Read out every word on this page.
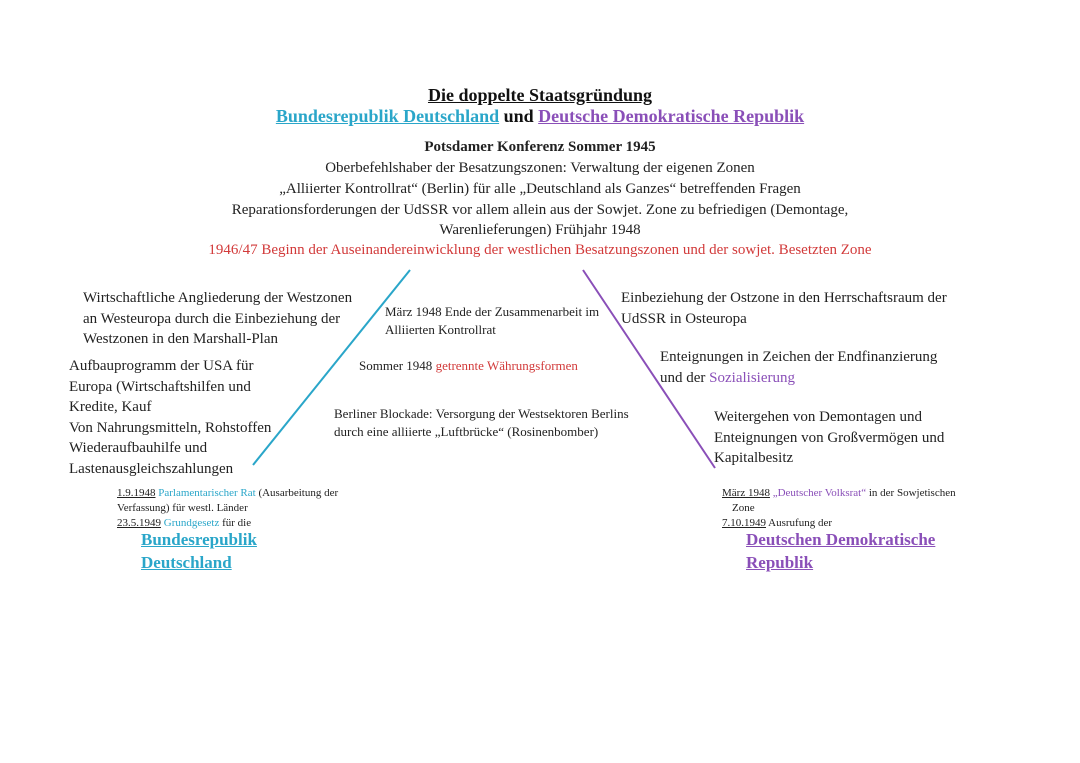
Die doppelte Staatsgründung
Bundesrepublik Deutschland und Deutsche Demokratische Republik
Potsdamer Konferenz Sommer 1945
Oberbefehlshaber der Besatzungszonen: Verwaltung der eigenen Zonen
„Alliierter Kontrollrat“ (Berlin) für alle „Deutschland als Ganzes“ betreffenden Fragen
Reparationsforderungen der UdSSR vor allem allein aus der Sowjet. Zone zu befriedigen (Demontage,
Warenlieferungen) Frühjahr 1948
1946/47 Beginn der Auseinandereinwicklung der westlichen Besatzungszonen und der sowjet. Besetzten Zone
Wirtschaftliche Angliederung der Westzonen
an Westeuropa durch die Einbeziehung der
Westzonen in den Marshall-Plan
Aufbauprogramm der USA für
Europa (Wirtschaftshilfen und
Kredite, Kauf
Von Nahrungsmitteln, Rohstoffen
Wiederaufbauhilfe und
Lastenausgleichszahlungen
1.9.1948 Parlamentarischer Rat (Ausarbeitung der
Verfassung) für westl. Länder
23.5.1949 Grundgesetz für die
Bundesrepublik
Deutschland
März 1948 Ende der Zusammenarbeit im
Alliierten Kontrollrat
Sommer 1948 getrennte Währungsformen
Berliner Blockade: Versorgung der Westsektoren Berlins
durch eine alliierte „Luftbrücke“ (Rosinenbomber)
Einbeziehung der Ostzone in den Herrschaftsraum der
UdSSR in Osteuropa
Enteignungen in Zeichen der Endfinanzierung
und der Sozialisierung
Weitergehen von Demontagen und
Enteignungen von Großvermögen und
Kapitalbesitz
März 1948 „Deutscher Volksrat“ in der Sowjetischen
Zone
7.10.1949 Ausrufung der
Deutschen Demokratische
Republik
